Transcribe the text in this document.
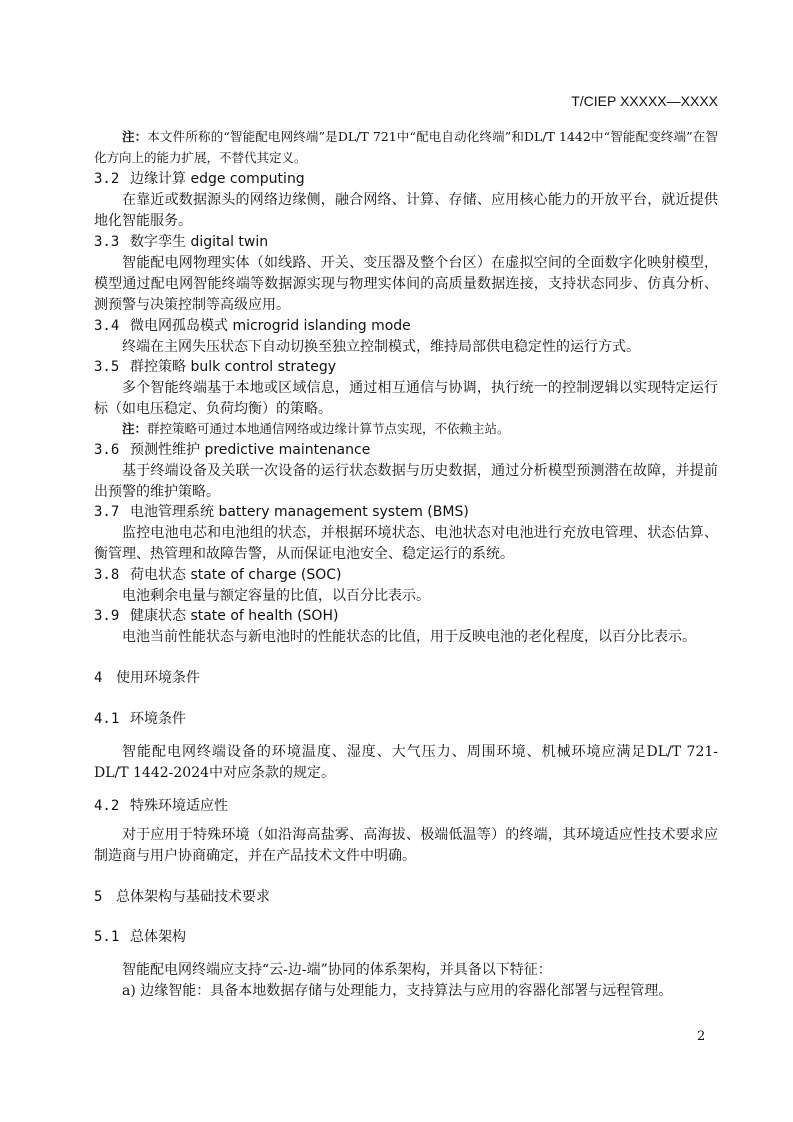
T/CIEP XXXXX—XXXX
注：本文件所称的“智能配电网终端”是DL/T 721中“配电自动化终端”和DL/T 1442中“智能配变终端”在智
化方向上的能力扩展，不替代其定义。
3.2 边缘计算 edge computing
在靠近或数据源头的网络边缘侧，融合网络、计算、存储、应用核心能力的开放平台，就近提供
地化智能服务。
3.3 数字孪生 digital twin
智能配电网物理实体（如线路、开关、变压器及整个台区）在虚拟空间的全面数字化映射模型，
模型通过配电网智能终端等数据源实现与物理实体间的高质量数据连接，支持状态同步、仿真分析、
测预警与决策控制等高级应用。
3.4 微电网孤岛模式 microgrid islanding mode
终端在主网失压状态下自动切换至独立控制模式，维持局部供电稳定性的运行方式。
3.5 群控策略 bulk control strategy
多个智能终端基于本地或区域信息，通过相互通信与协调，执行统一的控制逻辑以实现特定运行
标（如电压稳定、负荷均衡）的策略。
注：群控策略可通过本地通信网络或边缘计算节点实现，不依赖主站。
3.6 预测性维护 predictive maintenance
基于终端设备及关联一次设备的运行状态数据与历史数据，通过分析模型预测潜在故障，并提前
出预警的维护策略。
3.7 电池管理系统 battery management system (BMS)
监控电池电芯和电池组的状态，并根据环境状态、电池状态对电池进行充放电管理、状态估算、
衡管理、热管理和故障告警，从而保证电池安全、稳定运行的系统。
3.8 荷电状态 state of charge (SOC)
电池剩余电量与额定容量的比值，以百分比表示。
3.9 健康状态 state of health (SOH)
电池当前性能状态与新电池时的性能状态的比值，用于反映电池的老化程度，以百分比表示。
4 使用环境条件
4.1 环境条件
智能配电网终端设备的环境温度、湿度、大气压力、周围环境、机械环境应满足DL/T 721-
DL/T 1442-2024中对应条款的规定。
4.2 特殊环境适应性
对于应用于特殊环境（如沿海高盐雾、高海拔、极端低温等）的终端，其环境适应性技术要求应
制造商与用户协商确定，并在产品技术文件中明确。
5 总体架构与基础技术要求
5.1 总体架构
智能配电网终端应支持“云-边-端”协同的体系架构，并具备以下特征：
a) 边缘智能：具备本地数据存储与处理能力，支持算法与应用的容器化部署与远程管理。
2
